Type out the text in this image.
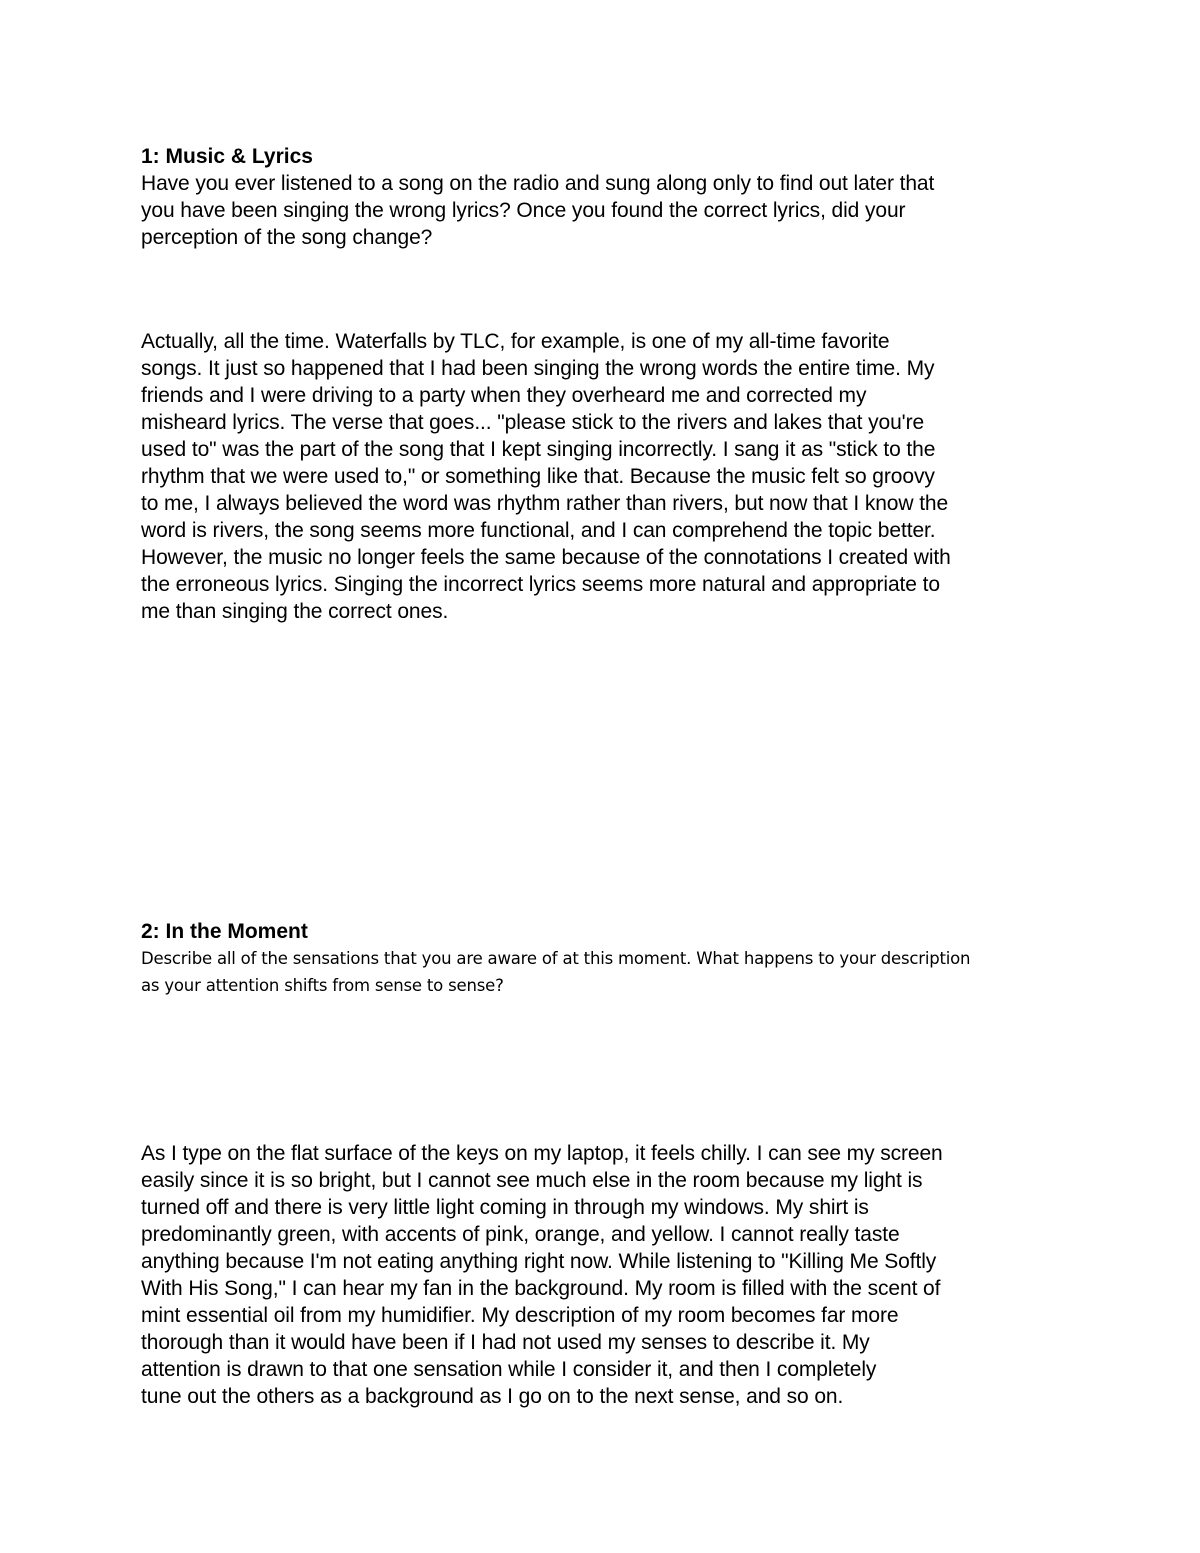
1: Music & Lyrics

Have you ever listened to a song on the radio and sung along only to find out later that
you have been singing the wrong lyrics? Once you found the correct lyrics, did your
perception of the song change?
Actually, all the time. Waterfalls by TLC, for example, is one of my all-time favorite
songs. It just so happened that I had been singing the wrong words the entire time. My
friends and I were driving to a party when they overheard me and corrected my
misheard lyrics. The verse that goes... "please stick to the rivers and lakes that you're
used to" was the part of the song that I kept singing incorrectly. I sang it as "stick to the
rhythm that we were used to," or something like that. Because the music felt so groovy
to me, I always believed the word was rhythm rather than rivers, but now that I know the
word is rivers, the song seems more functional, and I can comprehend the topic better.
However, the music no longer feels the same because of the connotations I created with
the erroneous lyrics. Singing the incorrect lyrics seems more natural and appropriate to
me than singing the correct ones.

2: In the Moment

Describe all of the sensations that you are aware of at this moment. What happens to your description
as your attention shifts from sense to sense?
As I type on the flat surface of the keys on my laptop, it feels chilly. I can see my screen
easily since it is so bright, but I cannot see much else in the room because my light is
turned off and there is very little light coming in through my windows. My shirt is
predominantly green, with accents of pink, orange, and yellow. I cannot really taste
anything because I'm not eating anything right now. While listening to "Killing Me Softly
With His Song," I can hear my fan in the background. My room is filled with the scent of
mint essential oil from my humidifier. My description of my room becomes far more
thorough than it would have been if I had not used my senses to describe it. My
attention is drawn to that one sensation while I consider it, and then I completely
tune out the others as a background as I go on to the next sense, and so on.
